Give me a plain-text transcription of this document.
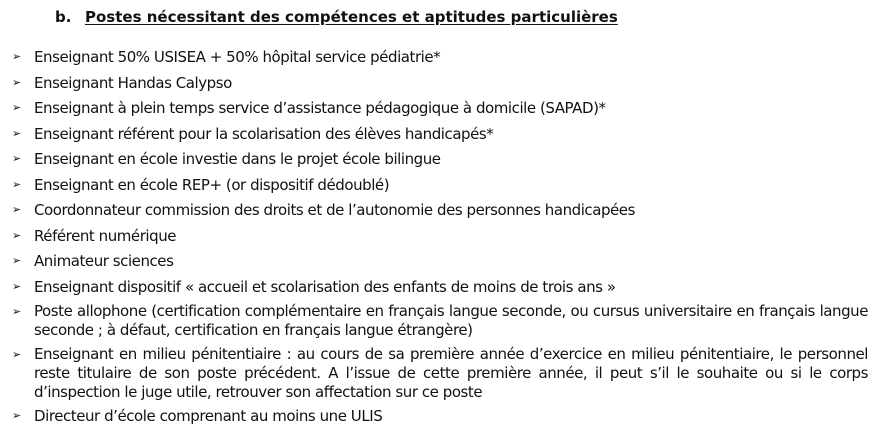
b. Postes nécessitant des compétences et aptitudes particulières
➢ Enseignant 50% USISEA + 50% hôpital service pédiatrie*
➢ Enseignant Handas Calypso
➢ Enseignant à plein temps service d’assistance pédagogique à domicile (SAPAD)*
➢ Enseignant référent pour la scolarisation des élèves handicapés*
➢ Enseignant en école investie dans le projet école bilingue
➢ Enseignant en école REP+ (or dispositif dédoublé)
➢ Coordonnateur commission des droits et de l’autonomie des personnes handicapées
➢ Référent numérique
➢ Animateur sciences
➢ Enseignant dispositif « accueil et scolarisation des enfants de moins de trois ans »
➢ Poste allophone (certification complémentaire en français langue seconde, ou cursus universitaire en français langue seconde ; à défaut, certification en français langue étrangère)
➢ Enseignant en milieu pénitentiaire : au cours de sa première année d’exercice en milieu pénitentiaire, le personnel reste titulaire de son poste précédent. A l’issue de cette première année, il peut s’il le souhaite ou si le corps d’inspection le juge utile, retrouver son affectation sur ce poste
➢ Directeur d’école comprenant au moins une ULIS
